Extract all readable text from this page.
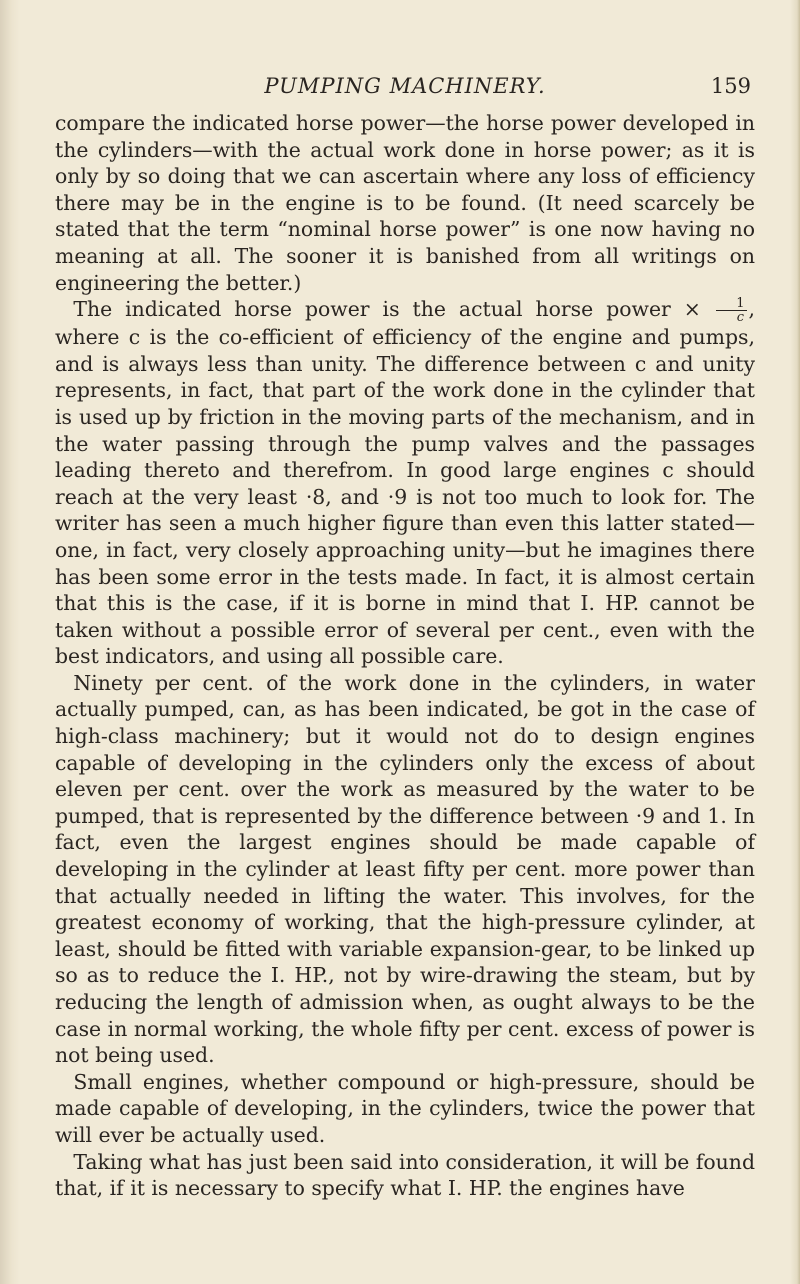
PUMPING MACHINERY.	159

compare the indicated horse power—the horse power developed in the cylinders—with the actual work done in horse power; as it is only by so doing that we can ascertain where any loss of efficiency there may be in the engine is to be found. (It need scarcely be stated that the term “nominal horse power” is one now having no meaning at all. The sooner it is banished from all writings on engineering the better.)

The indicated horse power is the actual horse power × $\frac{1}{c}$ , where c is the co-efficient of efficiency of the engine and pumps, and is always less than unity. The difference between c and unity represents, in fact, that part of the work done in the cylinder that is used up by friction in the moving parts of the mechanism, and in the water passing through the pump valves and the passages leading thereto and therefrom. In good large engines c should reach at the very least ·8, and ·9 is not too much to look for. The writer has seen a much higher figure than even this latter stated—one, in fact, very closely approaching unity—but he imagines there has been some error in the tests made. In fact, it is almost certain that this is the case, if it is borne in mind that I. HP. cannot be taken without a possible error of several per cent., even with the best indicators, and using all possible care.

Ninety per cent. of the work done in the cylinders, in water actually pumped, can, as has been indicated, be got in the case of high-class machinery; but it would not do to design engines capable of developing in the cylinders only the excess of about eleven per cent. over the work as measured by the water to be pumped, that is represented by the difference between ·9 and 1. In fact, even the largest engines should be made capable of developing in the cylinder at least fifty per cent. more power than that actually needed in lifting the water. This involves, for the greatest economy of working, that the high-pressure cylinder, at least, should be fitted with variable expansion-gear, to be linked up so as to reduce the I. HP., not by wire-drawing the steam, but by reducing the length of admission when, as ought always to be the case in normal working, the whole fifty per cent. excess of power is not being used.

Small engines, whether compound or high-pressure, should be made capable of developing, in the cylinders, twice the power that will ever be actually used.

Taking what has just been said into consideration, it will be found that, if it is necessary to specify what I. HP. the engines have
